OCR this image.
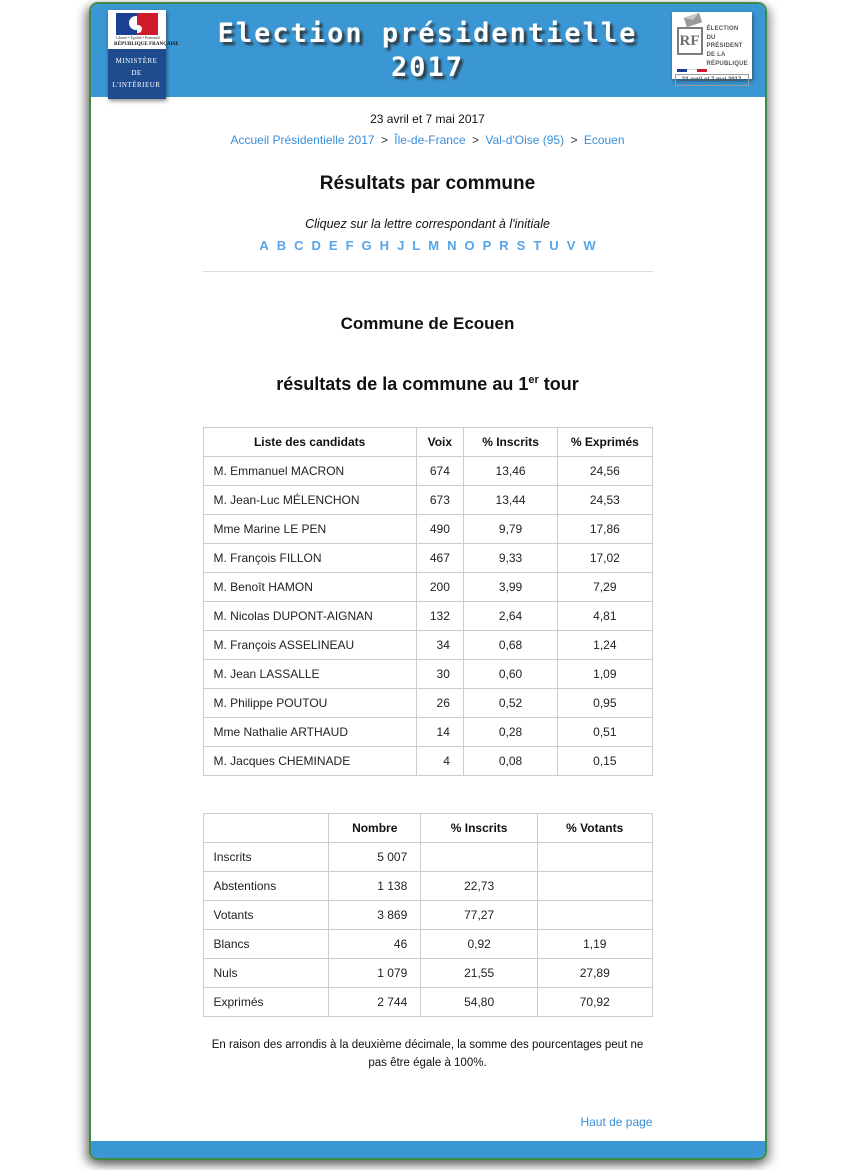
Liberté • Égalité • Fraternité
RÉPUBLIQUE FRANÇAISE
MINISTÈRE
DE
L'INTÉRIEUR
Election présidentielle
2017
RF
ÉLECTION
DU PRÉSIDENT
DE LA
RÉPUBLIQUE
23 avril et 7 mai 2017
23 avril et 7 mai 2017
Accueil Présidentielle 2017 > Île-de-France > Val-d'Oise (95) > Ecouen
Résultats par commune
Cliquez sur la lettre correspondant à l'initiale
A B C D E F G H J L M N O P R S T U V W
Commune de Ecouen
résultats de la commune au 1er tour
Liste des candidats	Voix	% Inscrits	% Exprimés
M. Emmanuel MACRON	674	13,46	24,56
M. Jean-Luc MÉLENCHON	673	13,44	24,53
Mme Marine LE PEN	490	9,79	17,86
M. François FILLON	467	9,33	17,02
M. Benoît HAMON	200	3,99	7,29
M. Nicolas DUPONT-AIGNAN	132	2,64	4,81
M. François ASSELINEAU	34	0,68	1,24
M. Jean LASSALLE	30	0,60	1,09
M. Philippe POUTOU	26	0,52	0,95
Mme Nathalie ARTHAUD	14	0,28	0,51
M. Jacques CHEMINADE	4	0,08	0,15
	Nombre	% Inscrits	% Votants
Inscrits	5 007		
Abstentions	1 138	22,73	
Votants	3 869	77,27	
Blancs	46	0,92	1,19
Nuls	1 079	21,55	27,89
Exprimés	2 744	54,80	70,92
En raison des arrondis à la deuxième décimale, la somme des pourcentages peut ne pas être égale à 100%.
Haut de page
